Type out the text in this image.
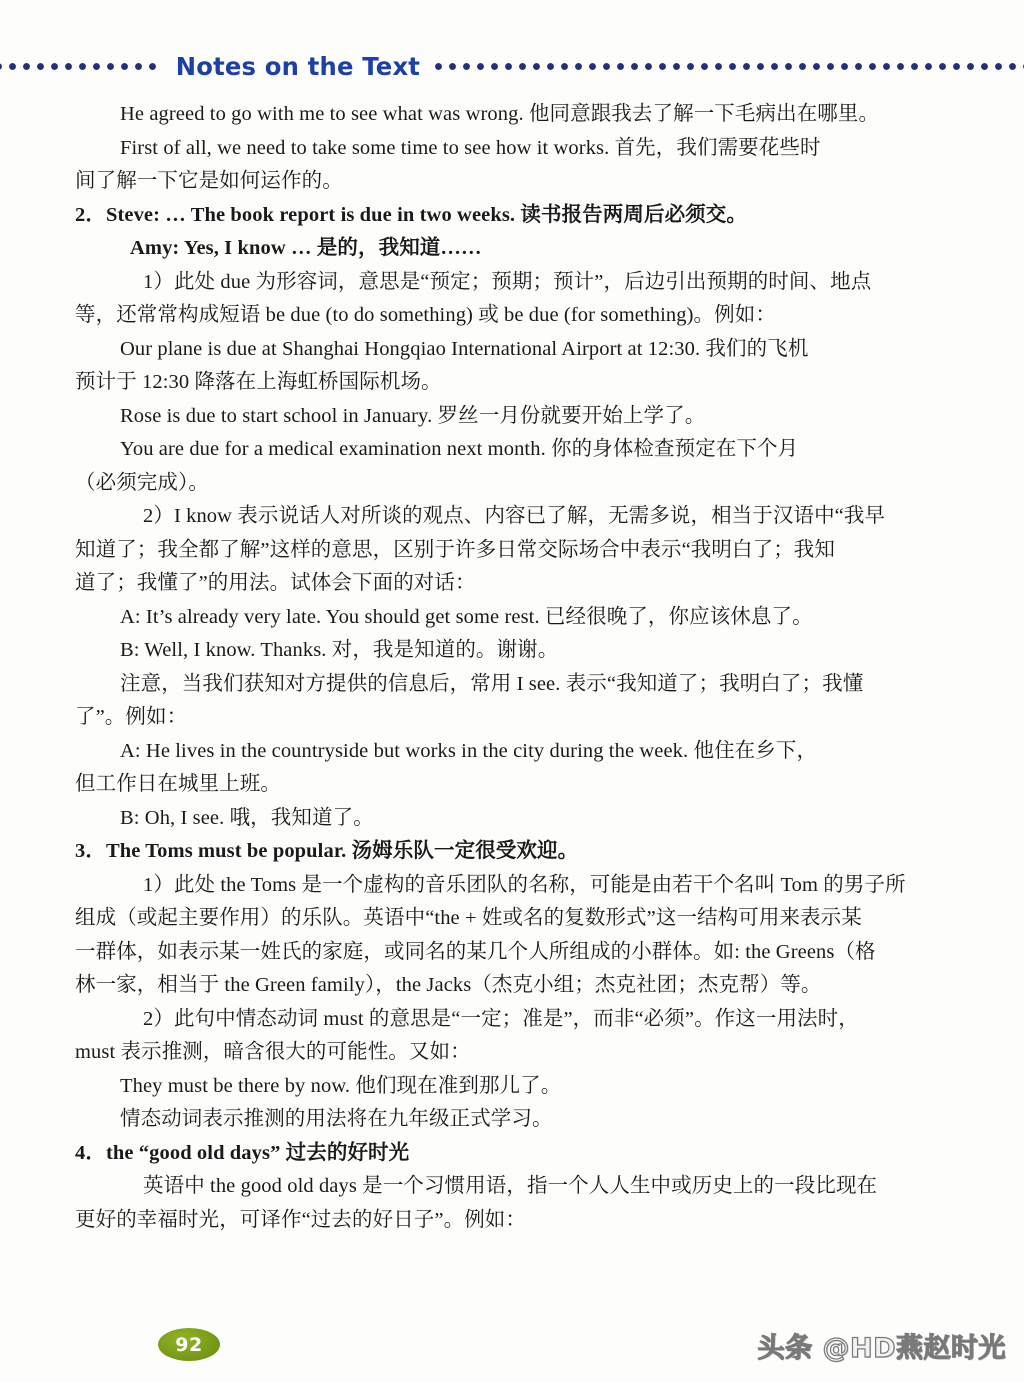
Notes on the Text

He agreed to go with me to see what was wrong. 他同意跟我去了解一下毛病出在哪里。

First of all, we need to take some time to see how it works. 首先，我们需要花些时

间了解一下它是如何运作的。

2．Steve: … The book report is due in two weeks. 读书报告两周后必须交。

Amy: Yes, I know … 是的，我知道……

1）此处 due 为形容词，意思是“预定；预期；预计”，后边引出预期的时间、地点

等，还常常构成短语 be due (to do something) 或 be due (for something)。例如：

Our plane is due at Shanghai Hongqiao International Airport at 12:30. 我们的飞机

预计于 12:30 降落在上海虹桥国际机场。

Rose is due to start school in January. 罗丝一月份就要开始上学了。

You are due for a medical examination next month. 你的身体检查预定在下个月

（必须完成）。

2）I know 表示说话人对所谈的观点、内容已了解，无需多说，相当于汉语中“我早

知道了；我全都了解”这样的意思，区别于许多日常交际场合中表示“我明白了；我知

道了；我懂了”的用法。试体会下面的对话：

A: It’s already very late. You should get some rest. 已经很晚了，你应该休息了。

B: Well, I know. Thanks. 对，我是知道的。谢谢。

注意，当我们获知对方提供的信息后，常用 I see. 表示“我知道了；我明白了；我懂

了”。例如：

A: He lives in the countryside but works in the city during the week. 他住在乡下，

但工作日在城里上班。

B: Oh, I see. 哦，我知道了。

3．The Toms must be popular. 汤姆乐队一定很受欢迎。

1）此处 the Toms 是一个虚构的音乐团队的名称，可能是由若干个名叫 Tom 的男子所

组成（或起主要作用）的乐队。英语中“the + 姓或名的复数形式”这一结构可用来表示某

一群体，如表示某一姓氏的家庭，或同名的某几个人所组成的小群体。如: the Greens（格

林一家，相当于 the Green family），the Jacks（杰克小组；杰克社团；杰克帮）等。

2）此句中情态动词 must 的意思是“一定；准是”，而非“必须”。作这一用法时，

must 表示推测，暗含很大的可能性。又如：

They must be there by now. 他们现在准到那儿了。

情态动词表示推测的用法将在九年级正式学习。

4．the “good old days” 过去的好时光

英语中 the good old days 是一个习惯用语，指一个人人生中或历史上的一段比现在

更好的幸福时光，可译作“过去的好日子”。例如：

92	头条 @HD燕赵时光
